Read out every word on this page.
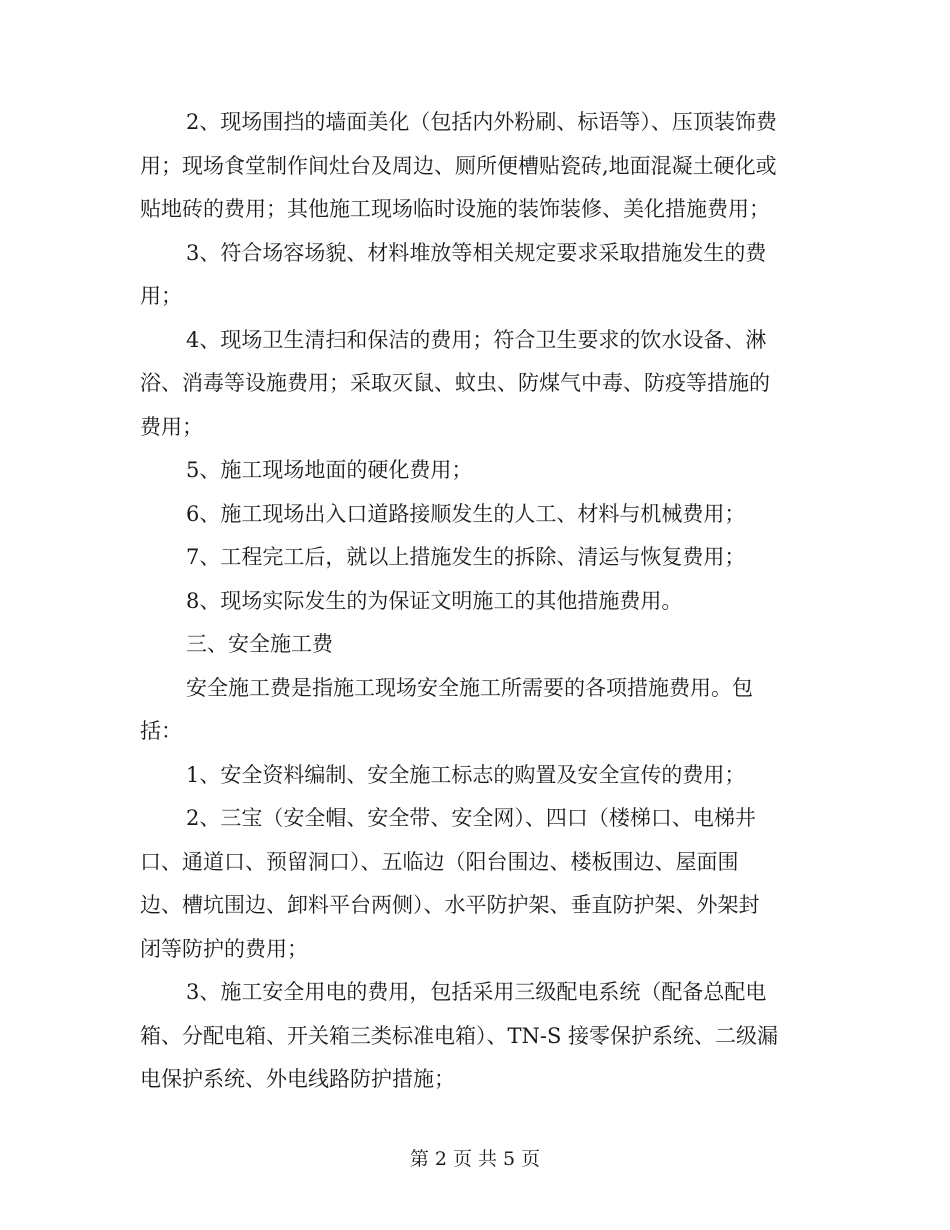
2、现场围挡的墙面美化（包括内外粉刷、标语等）、压顶装饰费
用；现场食堂制作间灶台及周边、厕所便槽贴瓷砖,地面混凝土硬化或
贴地砖的费用；其他施工现场临时设施的装饰装修、美化措施费用；

3、符合场容场貌、材料堆放等相关规定要求采取措施发生的费
用；

4、现场卫生清扫和保洁的费用；符合卫生要求的饮水设备、淋
浴、消毒等设施费用；采取灭鼠、蚊虫、防煤气中毒、防疫等措施的
费用；

5、施工现场地面的硬化费用；

6、施工现场出入口道路接顺发生的人工、材料与机械费用；

7、工程完工后，就以上措施发生的拆除、清运与恢复费用；

8、现场实际发生的为保证文明施工的其他措施费用。

三、安全施工费

安全施工费是指施工现场安全施工所需要的各项措施费用。包
括：

1、安全资料编制、安全施工标志的购置及安全宣传的费用；

2、三宝（安全帽、安全带、安全网）、四口（楼梯口、电梯井
口、通道口、预留洞口）、五临边（阳台围边、楼板围边、屋面围
边、槽坑围边、卸料平台两侧）、水平防护架、垂直防护架、外架封
闭等防护的费用；

3、施工安全用电的费用，包括采用三级配电系统（配备总配电
箱、分配电箱、开关箱三类标准电箱）、TN-S 接零保护系统、二级漏
电保护系统、外电线路防护措施；

第 2 页 共 5 页
